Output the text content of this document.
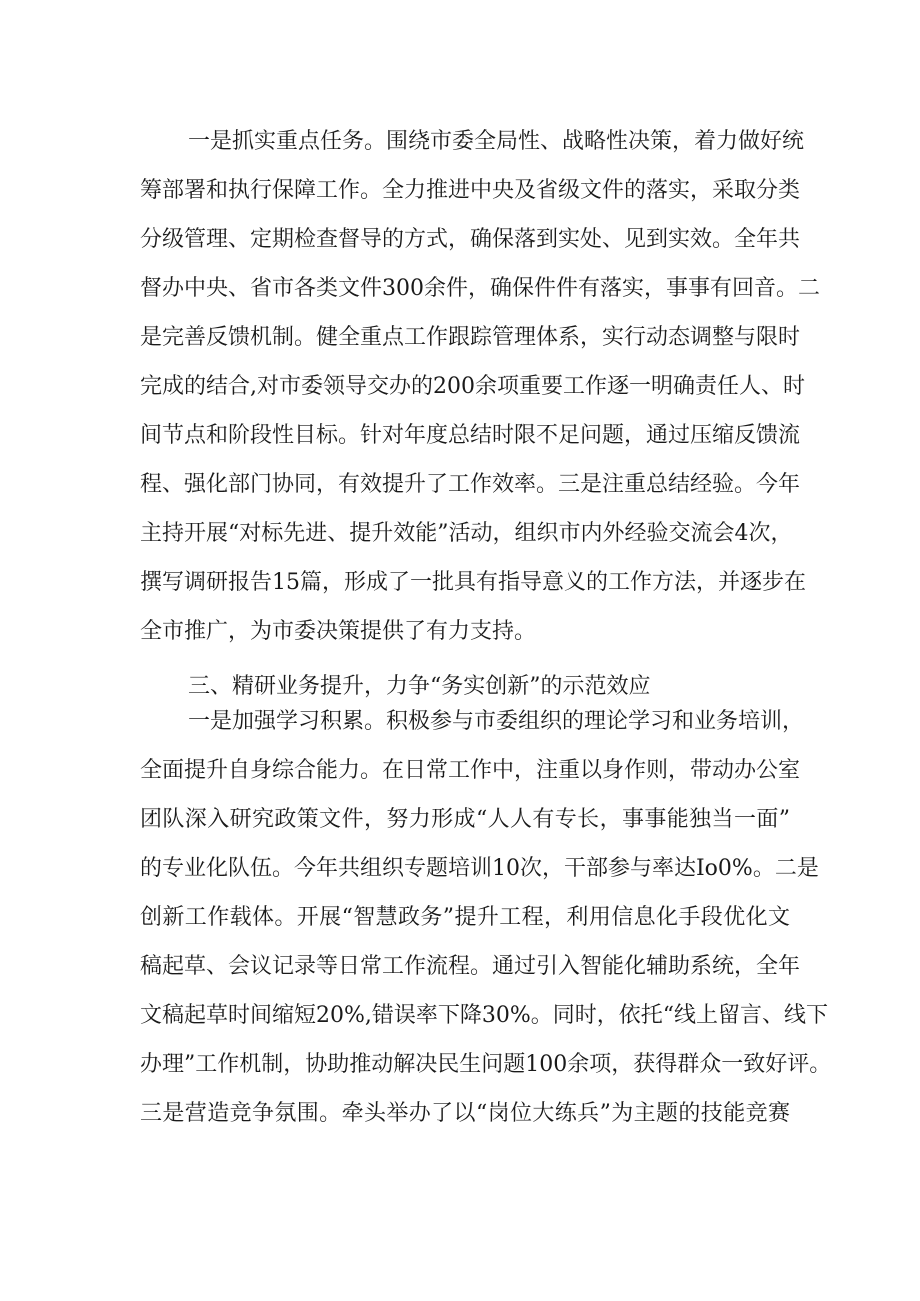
一是抓实重点任务。围绕市委全局性、战略性决策，着力做好统
筹部署和执行保障工作。全力推进中央及省级文件的落实，采取分类
分级管理、定期检查督导的方式，确保落到实处、见到实效。全年共
督办中央、省市各类文件300余件，确保件件有落实，事事有回音。二
是完善反馈机制。健全重点工作跟踪管理体系，实行动态调整与限时
完成的结合,对市委领导交办的200余项重要工作逐一明确责任人、时
间节点和阶段性目标。针对年度总结时限不足问题，通过压缩反馈流
程、强化部门协同，有效提升了工作效率。三是注重总结经验。今年
主持开展“对标先进、提升效能”活动，组织市内外经验交流会4次，
撰写调研报告15篇，形成了一批具有指导意义的工作方法，并逐步在
全市推广，为市委决策提供了有力支持。
三、精研业务提升，力争“务实创新”的示范效应
一是加强学习积累。积极参与市委组织的理论学习和业务培训，
全面提升自身综合能力。在日常工作中，注重以身作则，带动办公室
团队深入研究政策文件，努力形成“人人有专长，事事能独当一面”
的专业化队伍。今年共组织专题培训10次，干部参与率达Io0%。二是
创新工作载体。开展“智慧政务”提升工程，利用信息化手段优化文
稿起草、会议记录等日常工作流程。通过引入智能化辅助系统，全年
文稿起草时间缩短20%,错误率下降30%。同时，依托“线上留言、线下
办理”工作机制，协助推动解决民生问题100余项，获得群众一致好评。
三是营造竞争氛围。牵头举办了以“岗位大练兵”为主题的技能竞赛
